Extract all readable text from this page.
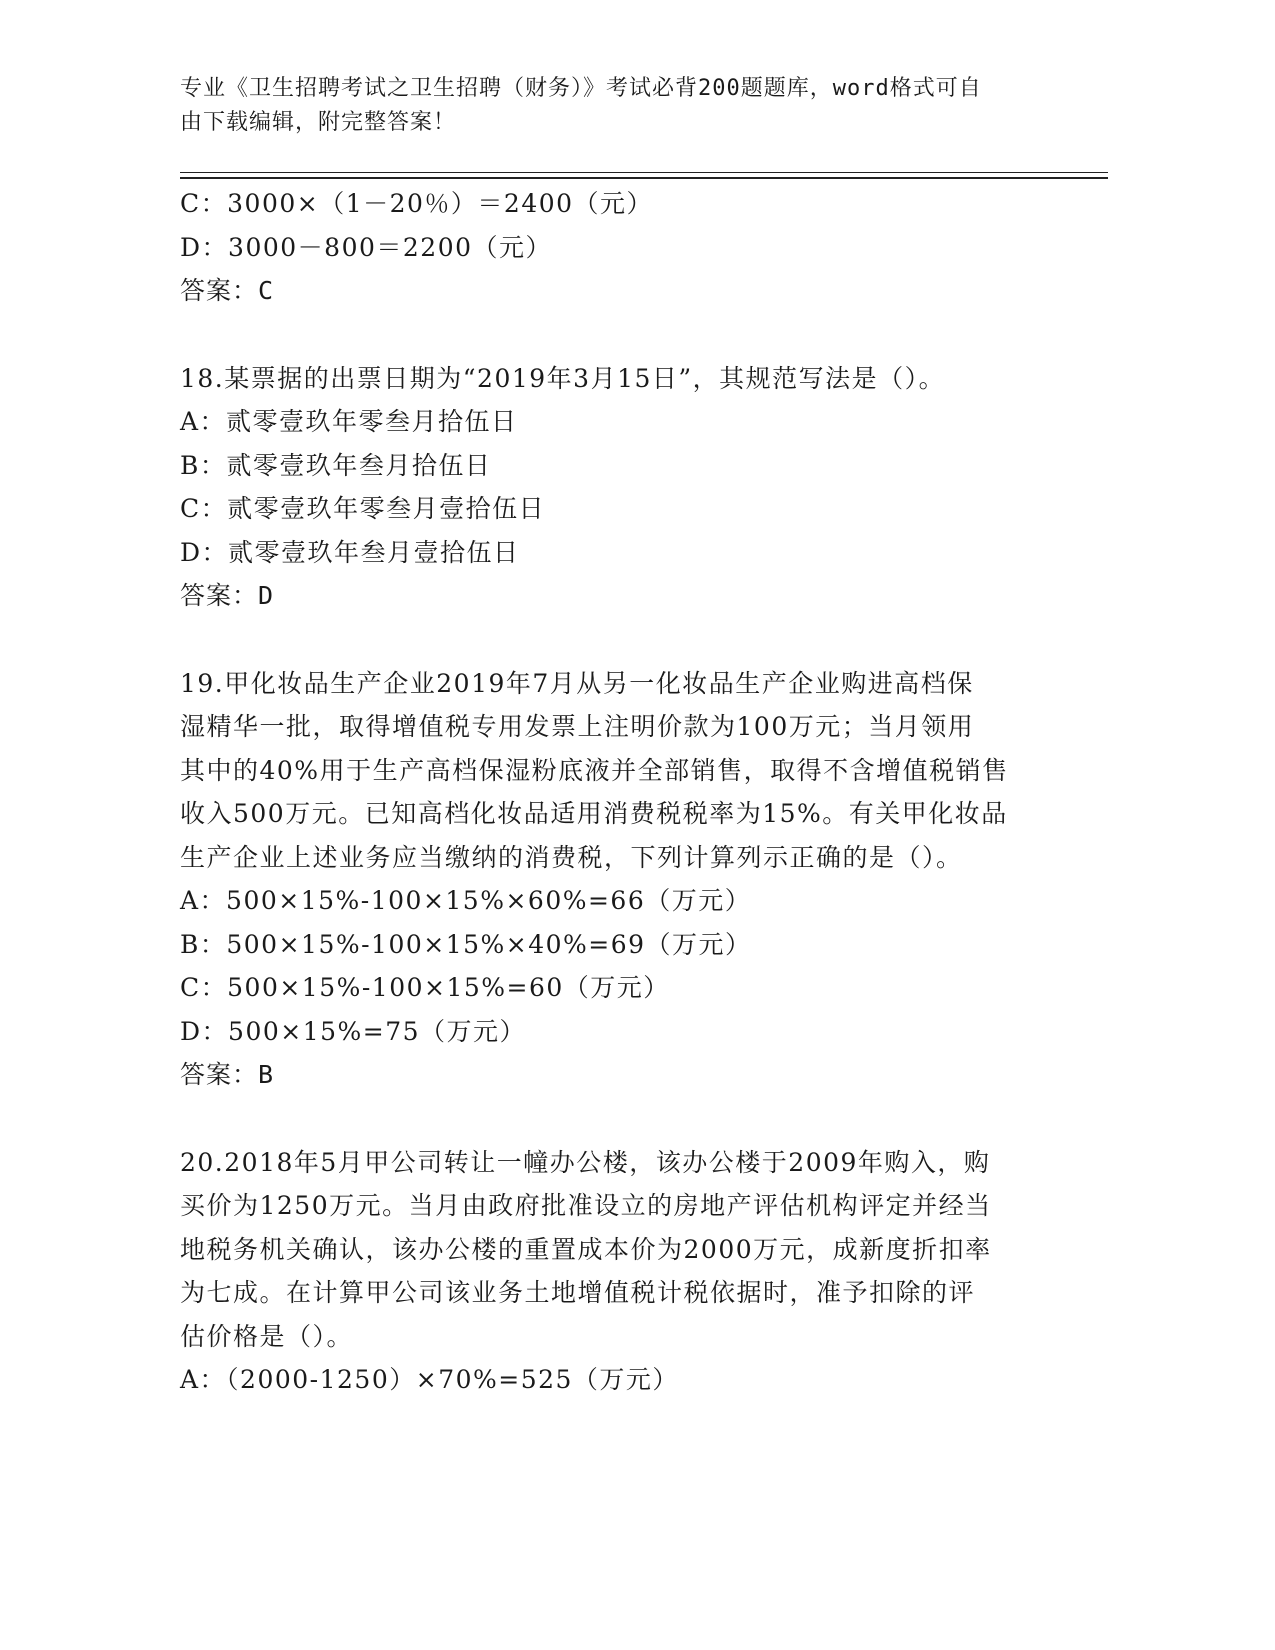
专业《卫生招聘考试之卫生招聘（财务）》考试必背200题题库，word格式可自
由下载编辑，附完整答案！
C：3000×（1－20％）＝2400（元）
D：3000－800＝2200（元）
答案：C
18.某票据的出票日期为“2019年3月15日”，其规范写法是（）。
A：贰零壹玖年零叁月拾伍日
B：贰零壹玖年叁月拾伍日
C：贰零壹玖年零叁月壹拾伍日
D：贰零壹玖年叁月壹拾伍日
答案：D
19.甲化妆品生产企业2019年7月从另一化妆品生产企业购进高档保
湿精华一批，取得增值税专用发票上注明价款为100万元；当月领用
其中的40%用于生产高档保湿粉底液并全部销售，取得不含增值税销售
收入500万元。已知高档化妆品适用消费税税率为15%。有关甲化妆品
生产企业上述业务应当缴纳的消费税，下列计算列示正确的是（）。
A：500×15%-100×15%×60%=66（万元）
B：500×15%-100×15%×40%=69（万元）
C：500×15%-100×15%=60（万元）
D：500×15%=75（万元）
答案：B
20.2018年5月甲公司转让一幢办公楼，该办公楼于2009年购入，购
买价为1250万元。当月由政府批准设立的房地产评估机构评定并经当
地税务机关确认，该办公楼的重置成本价为2000万元，成新度折扣率
为七成。在计算甲公司该业务土地增值税计税依据时，准予扣除的评
估价格是（）。
A：（2000-1250）×70%=525（万元）
